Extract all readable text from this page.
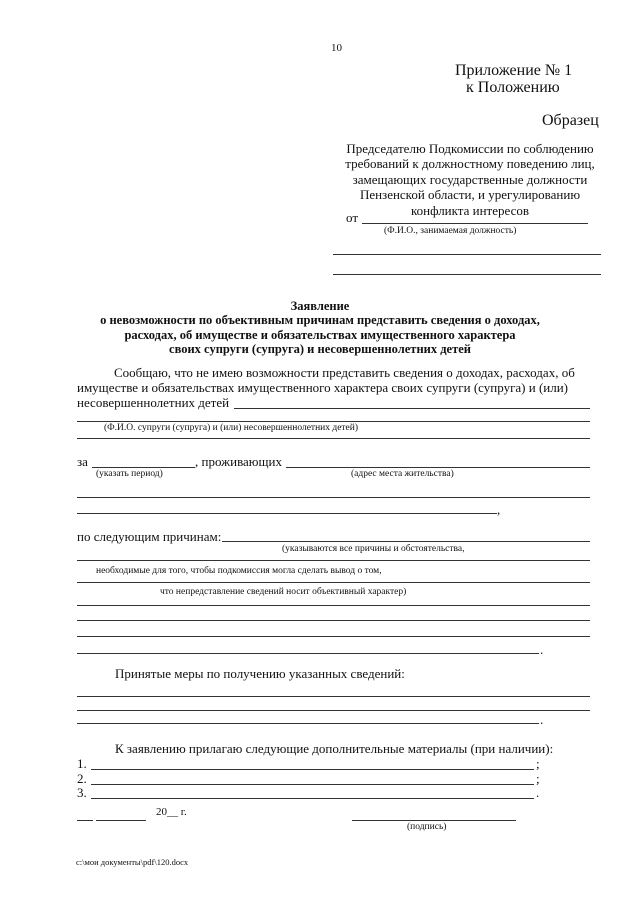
10
Приложение № 1
к Положению
Образец
Председателю Подкомиссии по соблюдению
требований к должностному поведению лиц,
замещающих государственные должности
Пензенской области, и урегулированию
конфликта интересов
от
(Ф.И.О., занимаемая должность)
Заявление
о невозможности по объективным причинам представить сведения о доходах,
расходах, об имуществе и обязательствах имущественного характера
своих супруги (супруга) и несовершеннолетних детей
Сообщаю, что не имею возможности представить сведения о доходах, расходах, об
имуществе и обязательствах имущественного характера своих супруги (супруга) и (или)
несовершеннолетних детей
(Ф.И.О. супруги (супруга) и (или) несовершеннолетних детей)
за	, проживающих
(указать период)	(адрес места жительства)
,
по следующим причинам:
(указываются все причины и обстоятельства,
необходимые для того, чтобы подкомиссия могла сделать вывод о том,
что непредставление сведений носит объективный характер)
.
Принятые меры по получению указанных сведений:
.
К заявлению прилагаю следующие дополнительные материалы (при наличии):
1.	;
2.	;
3.	.
20__ г.
(подпись)
c:\мои документы\pdf\120.docx
